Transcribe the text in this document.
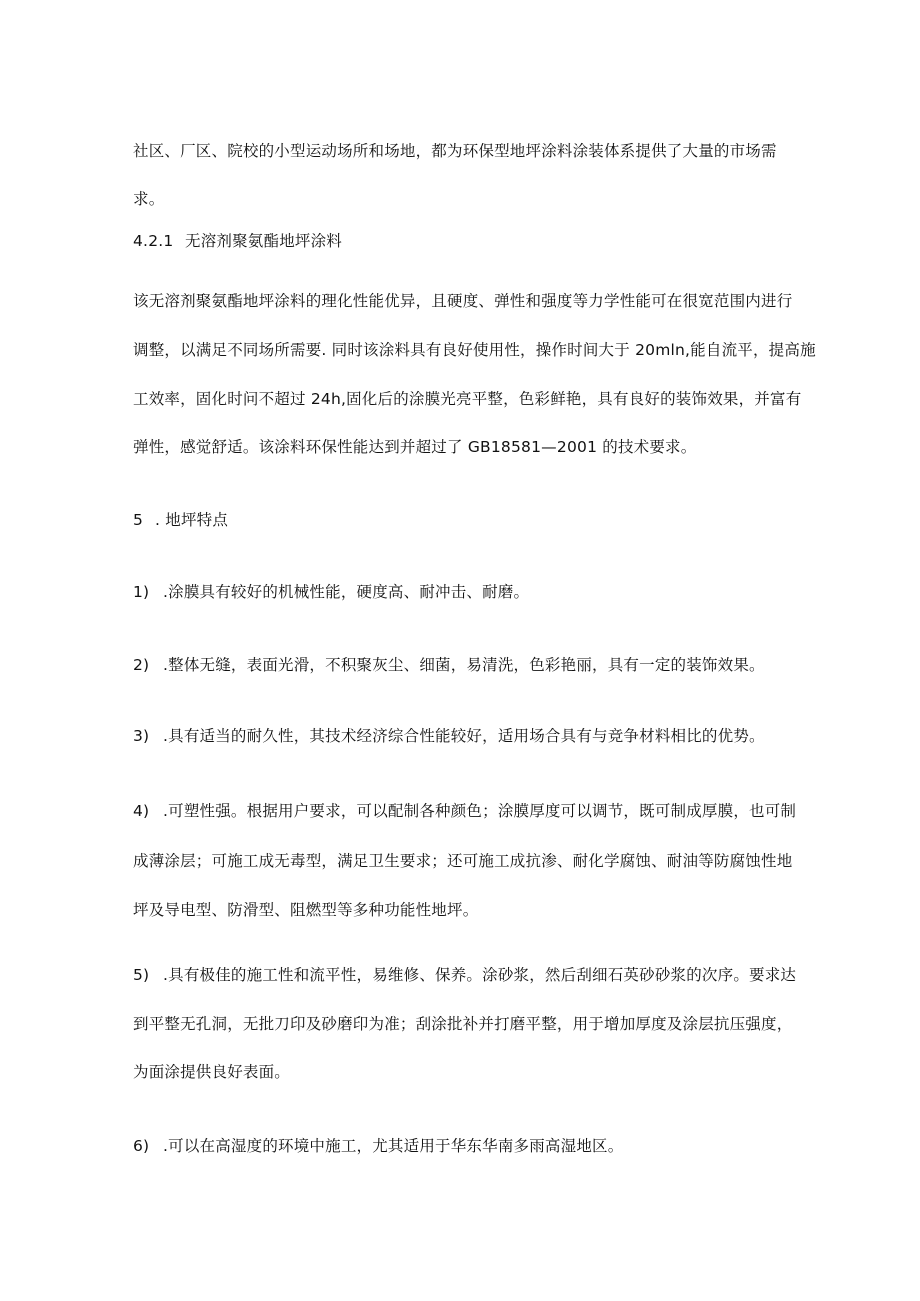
社区、厂区、院校的小型运动场所和场地，都为环保型地坪涂料涂装体系提供了大量的市场需
求。
4.2.1 无溶剂聚氨酯地坪涂料
该无溶剂聚氨酯地坪涂料的理化性能优异，且硬度、弹性和强度等力学性能可在很宽范围内进行
调整，以满足不同场所需要. 同时该涂料具有良好使用性，操作时间大于 20mln,能自流平，提高施
工效率，固化时问不超过 24h,固化后的涂膜光亮平整，色彩鲜艳，具有良好的装饰效果，并富有
弹性，感觉舒适。该涂料环保性能达到并超过了 GB18581—2001 的技术要求。
5 . 地坪特点
1) .涂膜具有较好的机械性能，硬度高、耐冲击、耐磨。
2) .整体无缝，表面光滑，不积聚灰尘、细菌，易清洗，色彩艳丽，具有一定的装饰效果。
3) .具有适当的耐久性，其技术经济综合性能较好，适用场合具有与竞争材料相比的优势。
4) .可塑性强。根据用户要求，可以配制各种颜色；涂膜厚度可以调节，既可制成厚膜，也可制
成薄涂层；可施工成无毒型，满足卫生要求；还可施工成抗渗、耐化学腐蚀、耐油等防腐蚀性地
坪及导电型、防滑型、阻燃型等多种功能性地坪。
5) .具有极佳的施工性和流平性，易维修、保养。涂砂浆，然后刮细石英砂砂浆的次序。要求达
到平整无孔洞，无批刀印及砂磨印为准；刮涂批补并打磨平整，用于增加厚度及涂层抗压强度，
为面涂提供良好表面。
6) .可以在高湿度的环境中施工，尤其适用于华东华南多雨高湿地区。
